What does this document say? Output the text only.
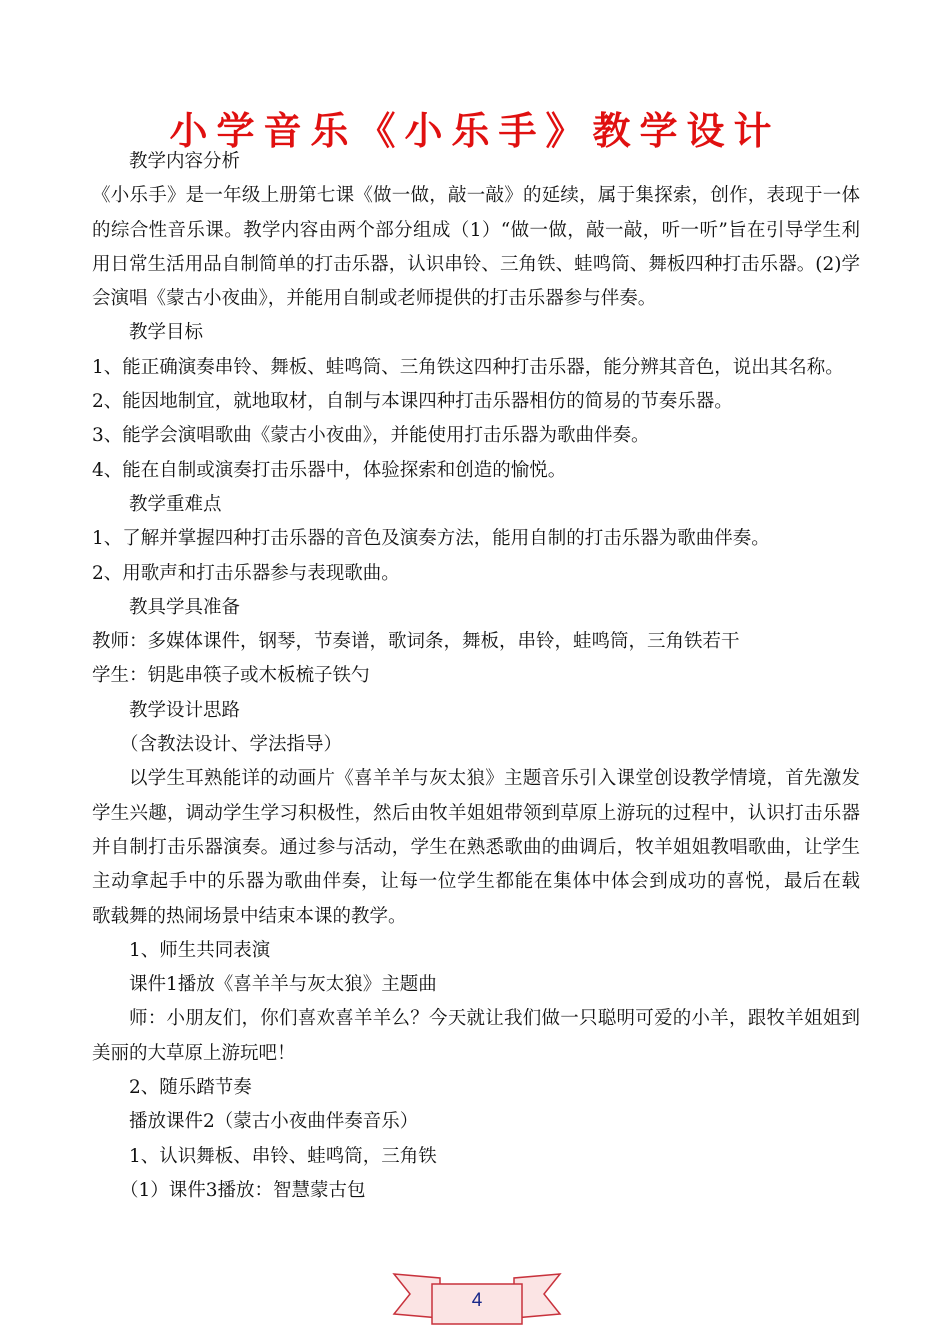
小学音乐《小乐手》教学设计
教学内容分析
《小乐手》是一年级上册第七课《做一做，敲一敲》的延续，属于集探索，创作，表现于一体
的综合性音乐课。教学内容由两个部分组成（1）“做一做，敲一敲，听一听”旨在引导学生利
用日常生活用品自制简单的打击乐器，认识串铃、三角铁、蛙鸣筒、舞板四种打击乐器。(2)学
会演唱《蒙古小夜曲》，并能用自制或老师提供的打击乐器参与伴奏。
教学目标
1、能正确演奏串铃、舞板、蛙鸣筒、三角铁这四种打击乐器，能分辨其音色，说出其名称。
2、能因地制宜，就地取材，自制与本课四种打击乐器相仿的简易的节奏乐器。
3、能学会演唱歌曲《蒙古小夜曲》，并能使用打击乐器为歌曲伴奏。
4、能在自制或演奏打击乐器中，体验探索和创造的愉悦。
教学重难点
1、了解并掌握四种打击乐器的音色及演奏方法，能用自制的打击乐器为歌曲伴奏。
2、用歌声和打击乐器参与表现歌曲。
教具学具准备
教师：多媒体课件，钢琴，节奏谱，歌词条，舞板，串铃，蛙鸣筒，三角铁若干
学生：钥匙串筷子或木板梳子铁勺
教学设计思路
（含教法设计、学法指导）
以学生耳熟能详的动画片《喜羊羊与灰太狼》主题音乐引入课堂创设教学情境，首先激发
学生兴趣，调动学生学习积极性，然后由牧羊姐姐带领到草原上游玩的过程中，认识打击乐器
并自制打击乐器演奏。通过参与活动，学生在熟悉歌曲的曲调后，牧羊姐姐教唱歌曲，让学生
主动拿起手中的乐器为歌曲伴奏，让每一位学生都能在集体中体会到成功的喜悦，最后在载
歌载舞的热闹场景中结束本课的教学。
1、师生共同表演
课件1播放《喜羊羊与灰太狼》主题曲
师：小朋友们，你们喜欢喜羊羊么？今天就让我们做一只聪明可爱的小羊，跟牧羊姐姐到
美丽的大草原上游玩吧！
2、随乐踏节奏
播放课件2（蒙古小夜曲伴奏音乐）
1、认识舞板、串铃、蛙鸣筒，三角铁
（1）课件3播放：智慧蒙古包
4
